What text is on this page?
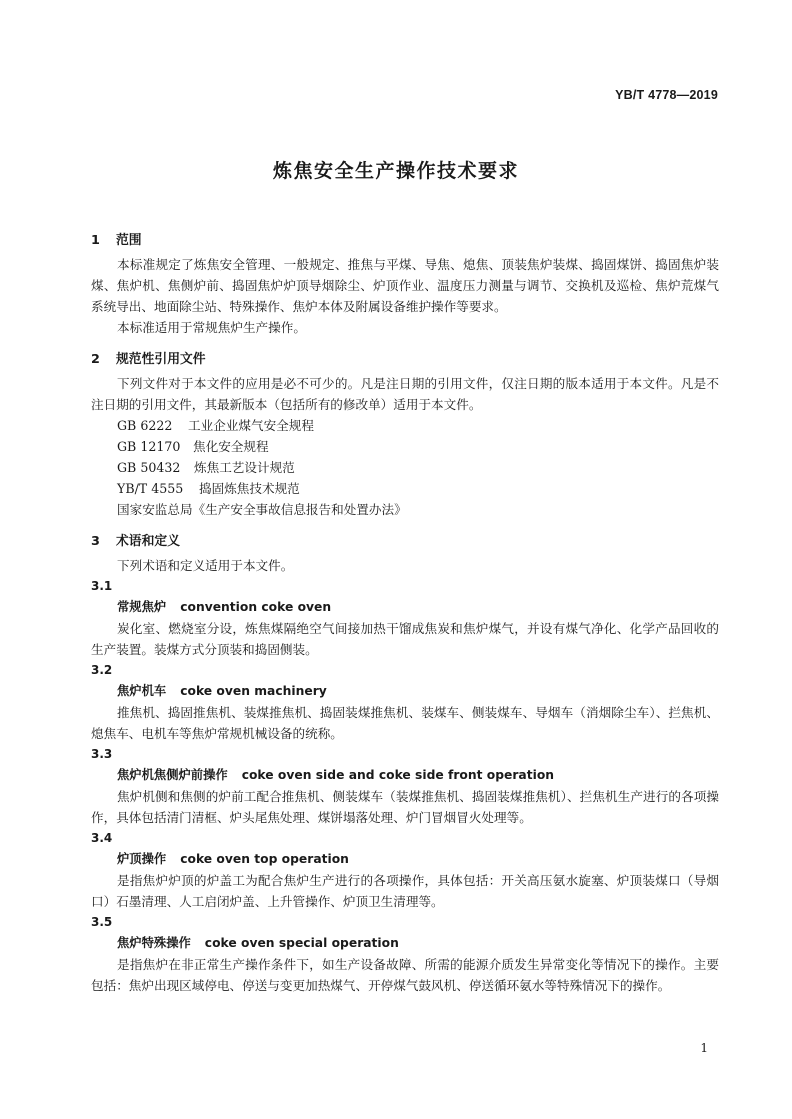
YB/T 4778—2019
炼焦安全生产操作技术要求
1 范围
本标准规定了炼焦安全管理、一般规定、推焦与平煤、导焦、熄焦、顶装焦炉装煤、捣固煤饼、捣固焦炉装煤、焦炉机、焦侧炉前、捣固焦炉炉顶导烟除尘、炉顶作业、温度压力测量与调节、交换机及巡检、焦炉荒煤气系统导出、地面除尘站、特殊操作、焦炉本体及附属设备维护操作等要求。
本标准适用于常规焦炉生产操作。
2 规范性引用文件
下列文件对于本文件的应用是必不可少的。凡是注日期的引用文件，仅注日期的版本适用于本文件。凡是不注日期的引用文件，其最新版本（包括所有的修改单）适用于本文件。
GB 6222 工业企业煤气安全规程
GB 12170 焦化安全规程
GB 50432 炼焦工艺设计规范
YB/T 4555 捣固炼焦技术规范
国家安监总局《生产安全事故信息报告和处置办法》
3 术语和定义
下列术语和定义适用于本文件。
3.1
常规焦炉 convention coke oven
炭化室、燃烧室分设，炼焦煤隔绝空气间接加热干馏成焦炭和焦炉煤气，并设有煤气净化、化学产品回收的生产装置。装煤方式分顶装和捣固侧装。
3.2
焦炉机车 coke oven machinery
推焦机、捣固推焦机、装煤推焦机、捣固装煤推焦机、装煤车、侧装煤车、导烟车（消烟除尘车）、拦焦机、熄焦车、电机车等焦炉常规机械设备的统称。
3.3
焦炉机焦侧炉前操作 coke oven side and coke side front operation
焦炉机侧和焦侧的炉前工配合推焦机、侧装煤车（装煤推焦机、捣固装煤推焦机）、拦焦机生产进行的各项操作，具体包括清门清框、炉头尾焦处理、煤饼塌落处理、炉门冒烟冒火处理等。
3.4
炉顶操作 coke oven top operation
是指焦炉炉顶的炉盖工为配合焦炉生产进行的各项操作，具体包括：开关高压氨水旋塞、炉顶装煤口（导烟口）石墨清理、人工启闭炉盖、上升管操作、炉顶卫生清理等。
3.5
焦炉特殊操作 coke oven special operation
是指焦炉在非正常生产操作条件下，如生产设备故障、所需的能源介质发生异常变化等情况下的操作。主要包括：焦炉出现区域停电、停送与变更加热煤气、开停煤气鼓风机、停送循环氨水等特殊情况下的操作。
1
